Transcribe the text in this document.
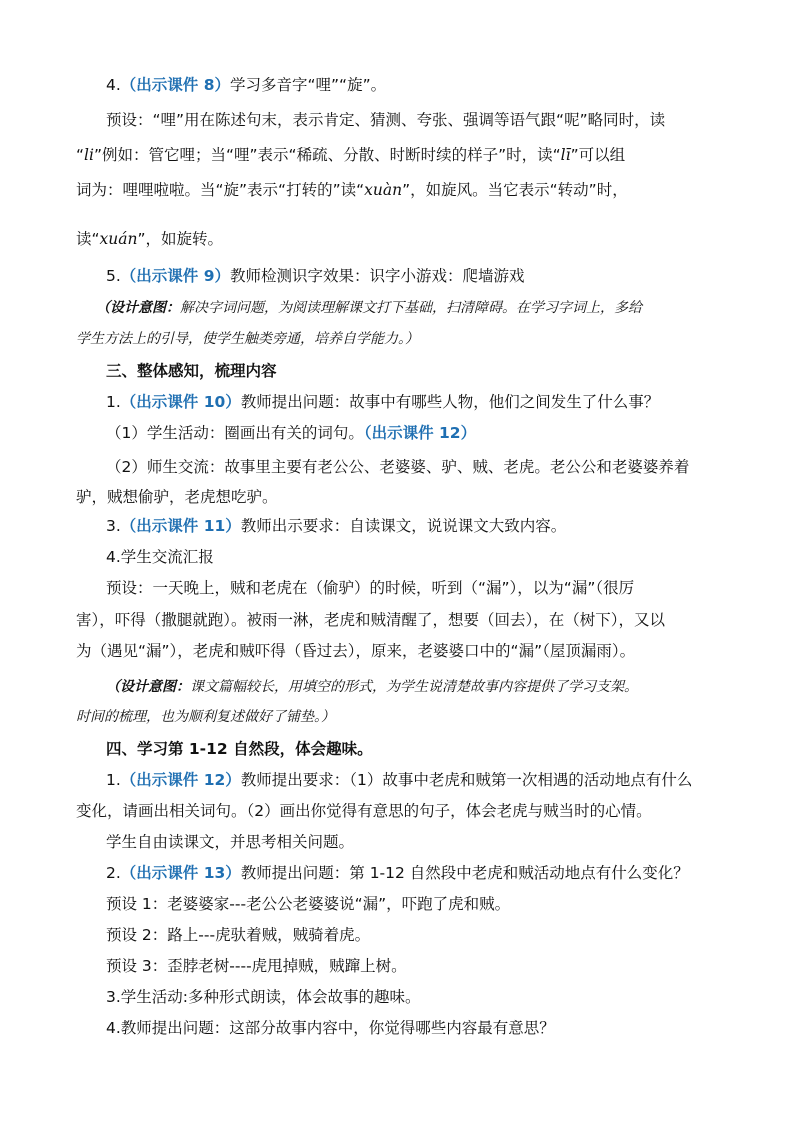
4.（出示课件 8）学习多音字“哩”“旋”。
预设：“哩”用在陈述句末，表示肯定、猜测、夸张、强调等语气跟“呢”略同时，读
“li”例如：管它哩；当“哩”表示“稀疏、分散、时断时续的样子”时，读“lī”可以组
词为：哩哩啦啦。当“旋”表示“打转的”读“xuàn”，如旋风。当它表示“转动”时，
读“xuán”，如旋转。
5.（出示课件 9）教师检测识字效果：识字小游戏：爬墙游戏
（设计意图：解决字词问题，为阅读理解课文打下基础，扫清障碍。在学习字词上，多给
学生方法上的引导，使学生触类旁通，培养自学能力。）
三、整体感知，梳理内容
1.（出示课件 10）教师提出问题：故事中有哪些人物，他们之间发生了什么事？
（1）学生活动：圈画出有关的词句。（出示课件 12）
（2）师生交流：故事里主要有老公公、老婆婆、驴、贼、老虎。老公公和老婆婆养着
驴，贼想偷驴，老虎想吃驴。
3.（出示课件 11）教师出示要求：自读课文，说说课文大致内容。
4.学生交流汇报
预设：一天晚上，贼和老虎在（偷驴）的时候，听到（“漏”），以为“漏”（很厉
害），吓得（撒腿就跑）。被雨一淋，老虎和贼清醒了，想要（回去），在（树下），又以
为（遇见“漏”），老虎和贼吓得（昏过去），原来，老婆婆口中的“漏”（屋顶漏雨）。
（设计意图：课文篇幅较长，用填空的形式，为学生说清楚故事内容提供了学习支架。
时间的梳理，也为顺利复述做好了铺垫。）
四、学习第 1-12 自然段，体会趣味。
1.（出示课件 12）教师提出要求：（1）故事中老虎和贼第一次相遇的活动地点有什么
变化，请画出相关词句。（2）画出你觉得有意思的句子，体会老虎与贼当时的心情。
学生自由读课文，并思考相关问题。
2.（出示课件 13）教师提出问题：第 1-12 自然段中老虎和贼活动地点有什么变化？
预设 1：老婆婆家---老公公老婆婆说“漏”，吓跑了虎和贼。
预设 2：路上---虎驮着贼，贼骑着虎。
预设 3：歪脖老树----虎甩掉贼，贼蹿上树。
3.学生活动:多种形式朗读，体会故事的趣味。
4.教师提出问题：这部分故事内容中，你觉得哪些内容最有意思？
